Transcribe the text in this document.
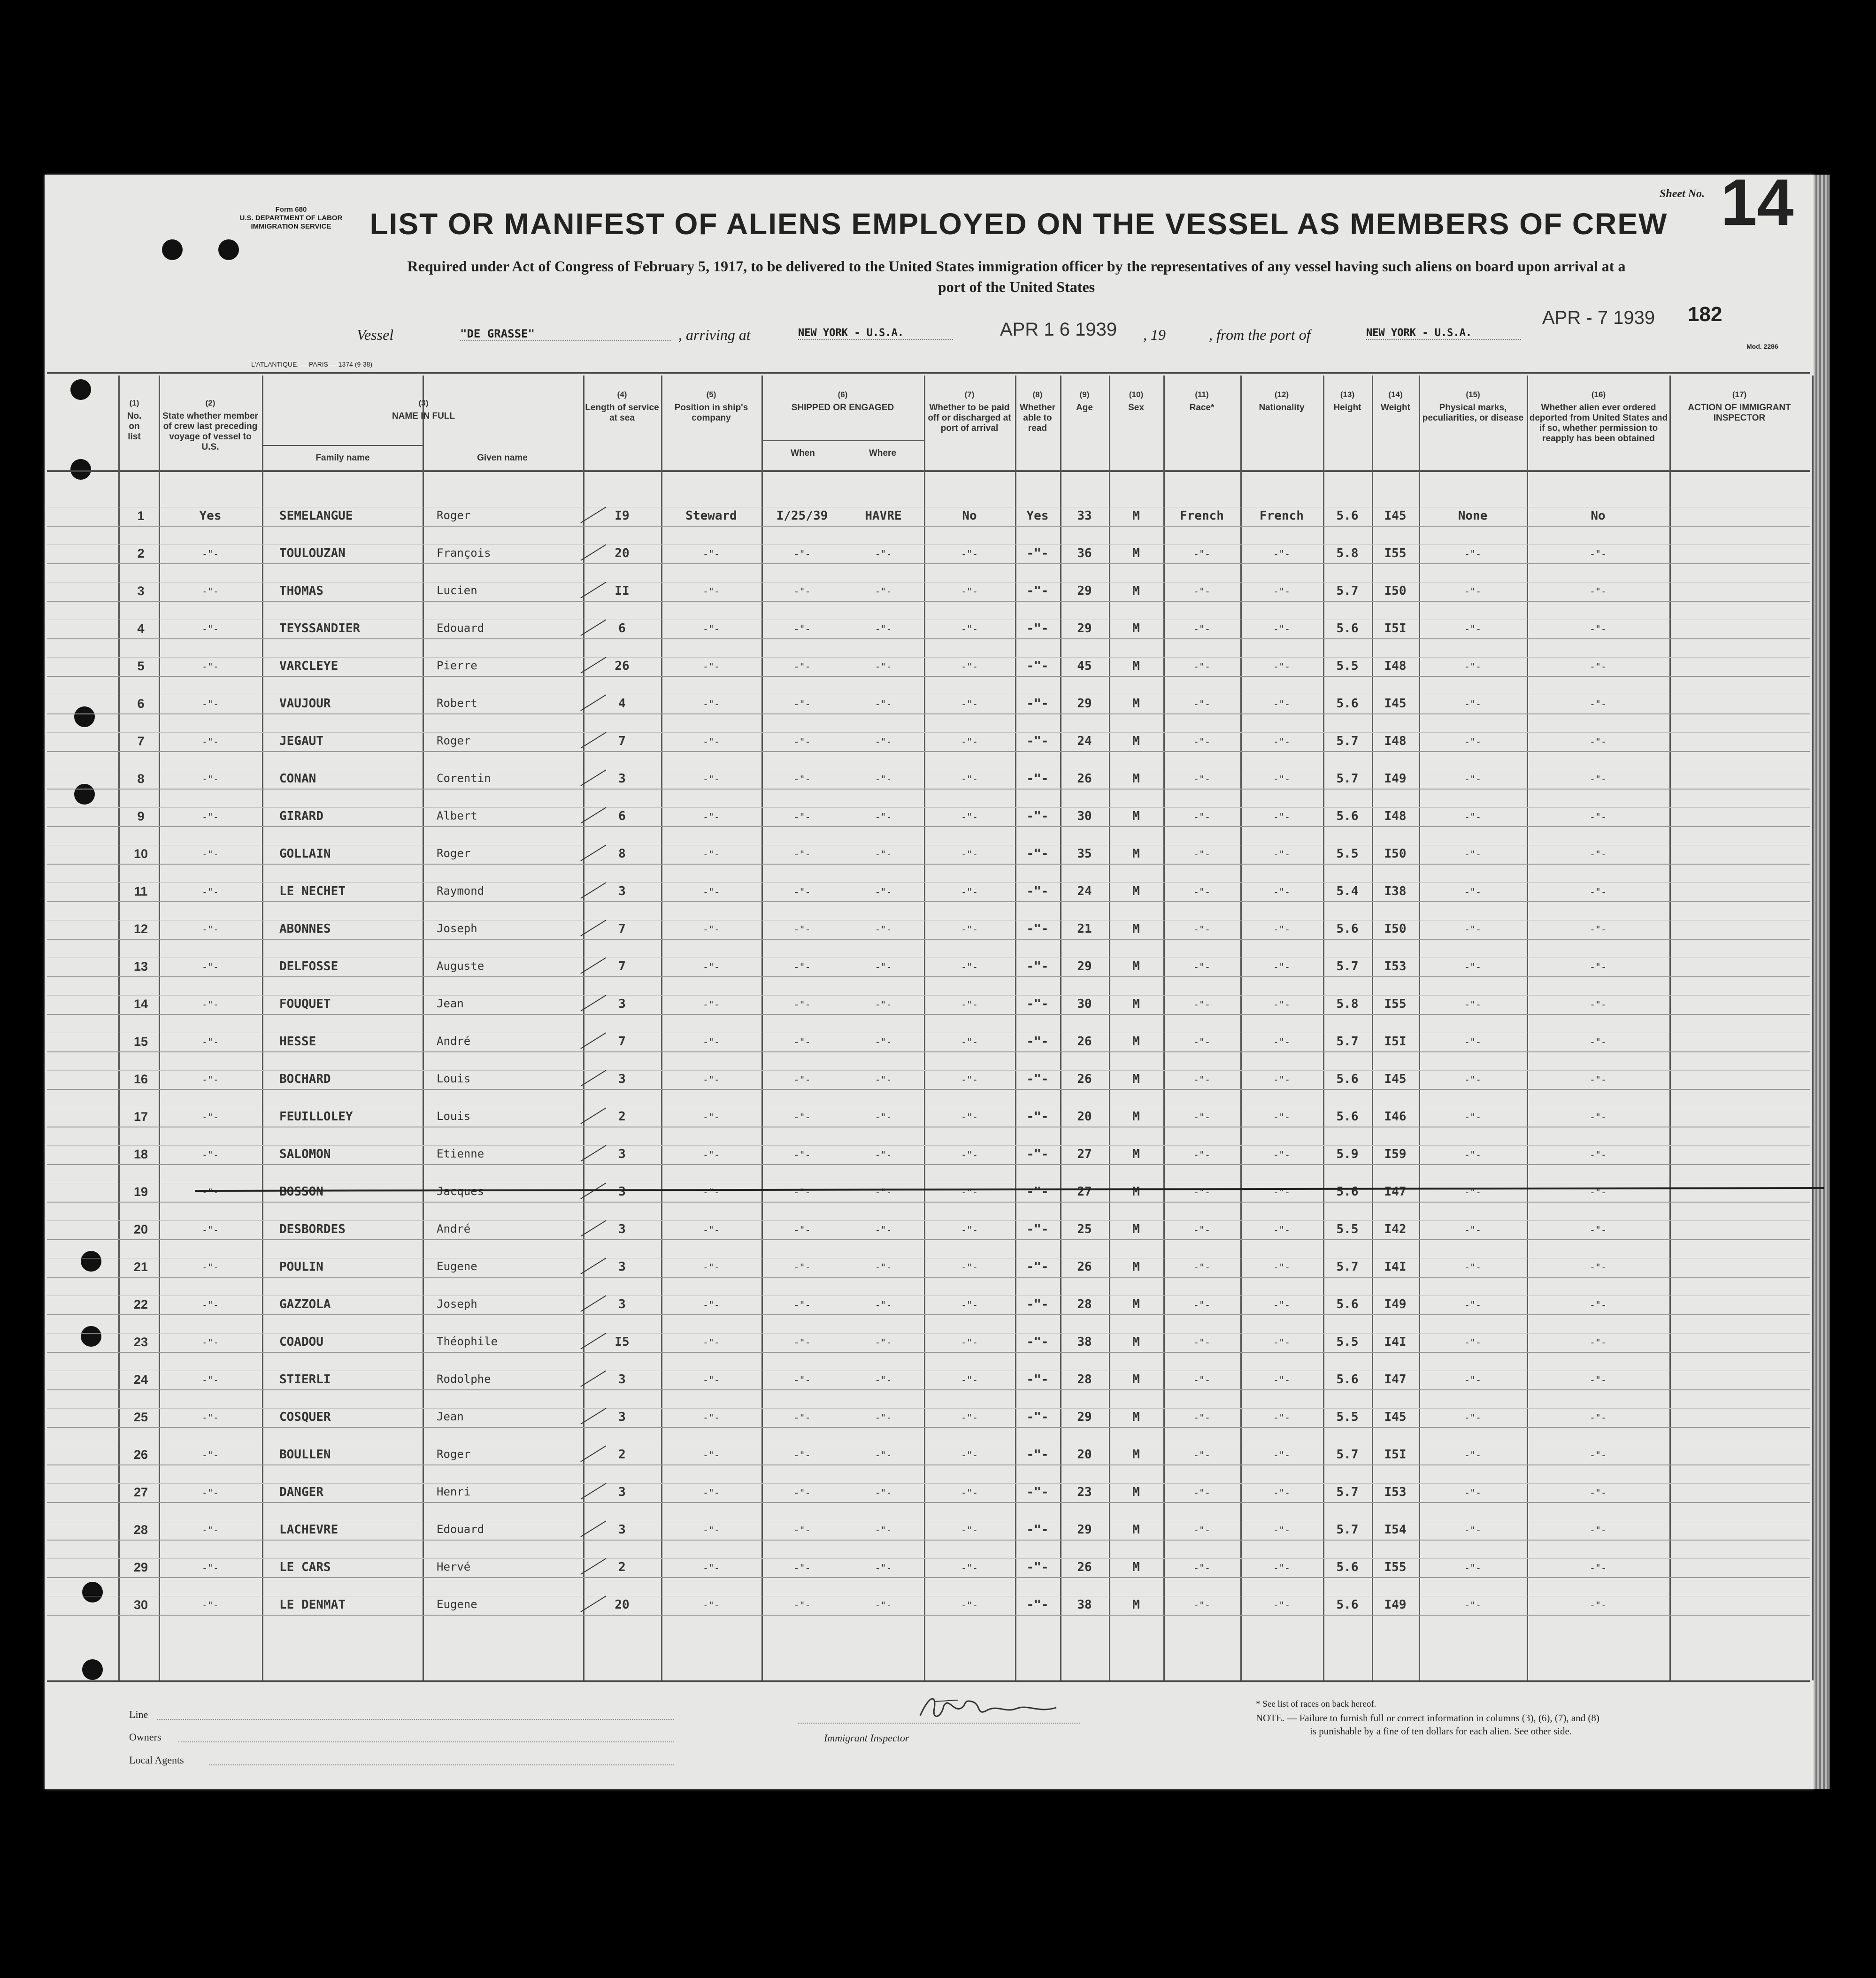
Form 680
U.S. DEPARTMENT OF LABOR
IMMIGRATION SERVICE
Sheet No. 14
LIST OR MANIFEST OF ALIENS EMPLOYED ON THE VESSEL AS MEMBERS OF CREW
Required under Act of Congress of February 5, 1917, to be delivered to the United States immigration officer by the representatives of any vessel having such aliens on board upon arrival at a
port of the United States
Vessel	"DE GRASSE"	, arriving at	NEW YORK - U.S.A.	APR 1 6 1939 , 19	, from the port of	NEW YORK - U.S.A.
APR - 7 1939 182
L'ATLANTIQUE. — PARIS — 1374 (9-38)
Mod. 2286
(1)
No. on list
(2)
State whether member of crew last preceding voyage of vessel to U.S.
(3)
NAME IN FULL
Family name	Given name
(4)
Length of service at sea
(5)
Position in ship's company
(6)
SHIPPED OR ENGAGED
When	Where
(7)
Whether to be paid off or discharged at port of arrival
(8)
Whether able to read
(9)
Age
(10)
Sex
(11)
Race*
(12)
Nationality
(13)
Height
(14)
Weight
(15)
Physical marks, peculiarities, or disease
(16)
Whether alien ever ordered deported from United States and if so, whether permission to reapply has been obtained
(17)
ACTION OF IMMIGRANT INSPECTOR
1	Yes	SEMELANGUE	Roger	I9	Steward	I/25/39	HAVRE	No	Yes	33	M	French	French	5.6	I45	None	No
2	-"-	TOULOUZAN	François	20	-"-	-"-	-"-	-"-	-"-	36	M	-"-	-"-	5.8	I55	-"-	-"-
3	-"-	THOMAS	Lucien	II	-"-	-"-	-"-	-"-	-"-	29	M	-"-	-"-	5.7	I50	-"-	-"-
4	-"-	TEYSSANDIER	Edouard	6	-"-	-"-	-"-	-"-	-"-	29	M	-"-	-"-	5.6	I5I	-"-	-"-
5	-"-	VARCLEYE	Pierre	26	-"-	-"-	-"-	-"-	-"-	45	M	-"-	-"-	5.5	I48	-"-	-"-
6	-"-	VAUJOUR	Robert	4	-"-	-"-	-"-	-"-	-"-	29	M	-"-	-"-	5.6	I45	-"-	-"-
7	-"-	JEGAUT	Roger	7	-"-	-"-	-"-	-"-	-"-	24	M	-"-	-"-	5.7	I48	-"-	-"-
8	-"-	CONAN	Corentin	3	-"-	-"-	-"-	-"-	-"-	26	M	-"-	-"-	5.7	I49	-"-	-"-
9	-"-	GIRARD	Albert	6	-"-	-"-	-"-	-"-	-"-	30	M	-"-	-"-	5.6	I48	-"-	-"-
10	-"-	GOLLAIN	Roger	8	-"-	-"-	-"-	-"-	-"-	35	M	-"-	-"-	5.5	I50	-"-	-"-
11	-"-	LE NECHET	Raymond	3	-"-	-"-	-"-	-"-	-"-	24	M	-"-	-"-	5.4	I38	-"-	-"-
12	-"-	ABONNES	Joseph	7	-"-	-"-	-"-	-"-	-"-	21	M	-"-	-"-	5.6	I50	-"-	-"-
13	-"-	DELFOSSE	Auguste	7	-"-	-"-	-"-	-"-	-"-	29	M	-"-	-"-	5.7	I53	-"-	-"-
14	-"-	FOUQUET	Jean	3	-"-	-"-	-"-	-"-	-"-	30	M	-"-	-"-	5.8	I55	-"-	-"-
15	-"-	HESSE	André	7	-"-	-"-	-"-	-"-	-"-	26	M	-"-	-"-	5.7	I5I	-"-	-"-
16	-"-	BOCHARD	Louis	3	-"-	-"-	-"-	-"-	-"-	26	M	-"-	-"-	5.6	I45	-"-	-"-
17	-"-	FEUILLOLEY	Louis	2	-"-	-"-	-"-	-"-	-"-	20	M	-"-	-"-	5.6	I46	-"-	-"-
18	-"-	SALOMON	Etienne	3	-"-	-"-	-"-	-"-	-"-	27	M	-"-	-"-	5.9	I59	-"-	-"-
19	-"-	BOSSON	Jacques	3	-"-	-"-	-"-	-"-	-"-	27	M	-"-	-"-	5.6	I47	-"-	-"-
20	-"-	DESBORDES	André	3	-"-	-"-	-"-	-"-	-"-	25	M	-"-	-"-	5.5	I42	-"-	-"-
21	-"-	POULIN	Eugene	3	-"-	-"-	-"-	-"-	-"-	26	M	-"-	-"-	5.7	I4I	-"-	-"-
22	-"-	GAZZOLA	Joseph	3	-"-	-"-	-"-	-"-	-"-	28	M	-"-	-"-	5.6	I49	-"-	-"-
23	-"-	COADOU	Théophile	I5	-"-	-"-	-"-	-"-	-"-	38	M	-"-	-"-	5.5	I4I	-"-	-"-
24	-"-	STIERLI	Rodolphe	3	-"-	-"-	-"-	-"-	-"-	28	M	-"-	-"-	5.6	I47	-"-	-"-
25	-"-	COSQUER	Jean	3	-"-	-"-	-"-	-"-	-"-	29	M	-"-	-"-	5.5	I45	-"-	-"-
26	-"-	BOULLEN	Roger	2	-"-	-"-	-"-	-"-	-"-	20	M	-"-	-"-	5.7	I5I	-"-	-"-
27	-"-	DANGER	Henri	3	-"-	-"-	-"-	-"-	-"-	23	M	-"-	-"-	5.7	I53	-"-	-"-
28	-"-	LACHEVRE	Edouard	3	-"-	-"-	-"-	-"-	-"-	29	M	-"-	-"-	5.7	I54	-"-	-"-
29	-"-	LE CARS	Hervé	2	-"-	-"-	-"-	-"-	-"-	26	M	-"-	-"-	5.6	I55	-"-	-"-
30	-"-	LE DENMAT	Eugene	20	-"-	-"-	-"-	-"-	-"-	38	M	-"-	-"-	5.6	I49	-"-	-"-
Line
Owners
Local Agents
Immigrant Inspector
* See list of races on back hereof.
NOTE. — Failure to furnish full or correct information in columns (3), (6), (7), and (8)
is punishable by a fine of ten dollars for each alien. See other side.
